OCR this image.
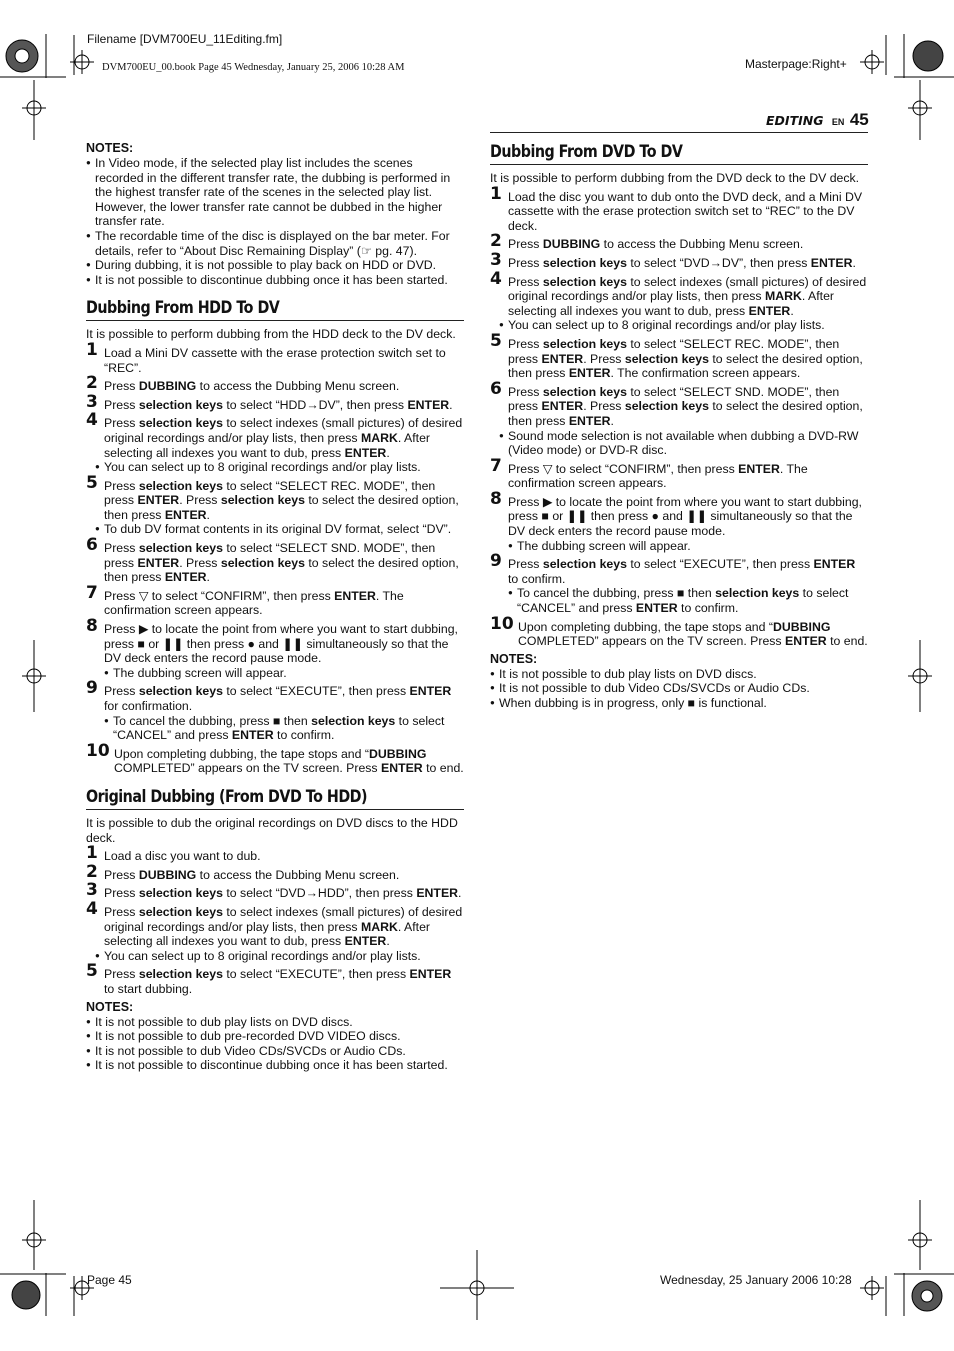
Filename [DVM700EU_11Editing.fm]
DVM700EU_00.book Page 45 Wednesday, January 25, 2006 10:28 AM	Masterpage:Right+
EDITING EN 45
NOTES:
● In Video mode, if the selected play list includes the scenes recorded in the different transfer rate, the dubbing is performed in the highest transfer rate of the scenes in the selected play list. However, the lower transfer rate cannot be dubbed in the higher transfer rate.
● The recordable time of the disc is displayed on the bar meter. For details, refer to “About Disc Remaining Display” (☞ pg. 47).
● During dubbing, it is not possible to play back on HDD or DVD.
● It is not possible to discontinue dubbing once it has been started.
Dubbing From HDD To DV
It is possible to perform dubbing from the HDD deck to the DV deck.
1 Load a Mini DV cassette with the erase protection switch set to “REC”.
2 Press DUBBING to access the Dubbing Menu screen.
3 Press selection keys to select “HDD→DV”, then press ENTER.
4 Press selection keys to select indexes (small pictures) of desired original recordings and/or play lists, then press MARK. After selecting all indexes you want to dub, press ENTER.
● You can select up to 8 original recordings and/or play lists.
5 Press selection keys to select “SELECT REC. MODE”, then press ENTER. Press selection keys to select the desired option, then press ENTER.
● To dub DV format contents in its original DV format, select “DV”.
6 Press selection keys to select “SELECT SND. MODE”, then press ENTER. Press selection keys to select the desired option, then press ENTER.
7 Press ▽ to select “CONFIRM”, then press ENTER. The confirmation screen appears.
8 Press ▶ to locate the point from where you want to start dubbing, press ■ or ❚❚ then press ● and ❚❚ simultaneously so that the DV deck enters the record pause mode.
● The dubbing screen will appear.
9 Press selection keys to select “EXECUTE”, then press ENTER for confirmation.
● To cancel the dubbing, press ■ then selection keys to select “CANCEL” and press ENTER to confirm.
10 Upon completing dubbing, the tape stops and “DUBBING COMPLETED” appears on the TV screen. Press ENTER to end.
Original Dubbing (From DVD To HDD)
It is possible to dub the original recordings on DVD discs to the HDD deck.
1 Load a disc you want to dub.
2 Press DUBBING to access the Dubbing Menu screen.
3 Press selection keys to select “DVD→HDD”, then press ENTER.
4 Press selection keys to select indexes (small pictures) of desired original recordings and/or play lists, then press MARK. After selecting all indexes you want to dub, press ENTER.
● You can select up to 8 original recordings and/or play lists.
5 Press selection keys to select “EXECUTE”, then press ENTER to start dubbing.
NOTES:
● It is not possible to dub play lists on DVD discs.
● It is not possible to dub pre-recorded DVD VIDEO discs.
● It is not possible to dub Video CDs/SVCDs or Audio CDs.
● It is not possible to discontinue dubbing once it has been started.
Dubbing From DVD To DV
It is possible to perform dubbing from the DVD deck to the DV deck.
1 Load the disc you want to dub onto the DVD deck, and a Mini DV cassette with the erase protection switch set to “REC” to the DV deck.
2 Press DUBBING to access the Dubbing Menu screen.
3 Press selection keys to select “DVD→DV”, then press ENTER.
4 Press selection keys to select indexes (small pictures) of desired original recordings and/or play lists, then press MARK. After selecting all indexes you want to dub, press ENTER.
● You can select up to 8 original recordings and/or play lists.
5 Press selection keys to select “SELECT REC. MODE”, then press ENTER. Press selection keys to select the desired option, then press ENTER. The confirmation screen appears.
6 Press selection keys to select “SELECT SND. MODE”, then press ENTER. Press selection keys to select the desired option, then press ENTER.
● Sound mode selection is not available when dubbing a DVD-RW (Video mode) or DVD-R disc.
7 Press ▽ to select “CONFIRM”, then press ENTER. The confirmation screen appears.
8 Press ▶ to locate the point from where you want to start dubbing, press ■ or ❚❚ then press ● and ❚❚ simultaneously so that the DV deck enters the record pause mode.
● The dubbing screen will appear.
9 Press selection keys to select “EXECUTE”, then press ENTER to confirm.
● To cancel the dubbing, press ■ then selection keys to select “CANCEL” and press ENTER to confirm.
10 Upon completing dubbing, the tape stops and “DUBBING COMPLETED” appears on the TV screen. Press ENTER to end.
NOTES:
● It is not possible to dub play lists on DVD discs.
● It is not possible to dub Video CDs/SVCDs or Audio CDs.
● When dubbing is in progress, only ■ is functional.
Page 45	Wednesday, 25 January 2006 10:28
